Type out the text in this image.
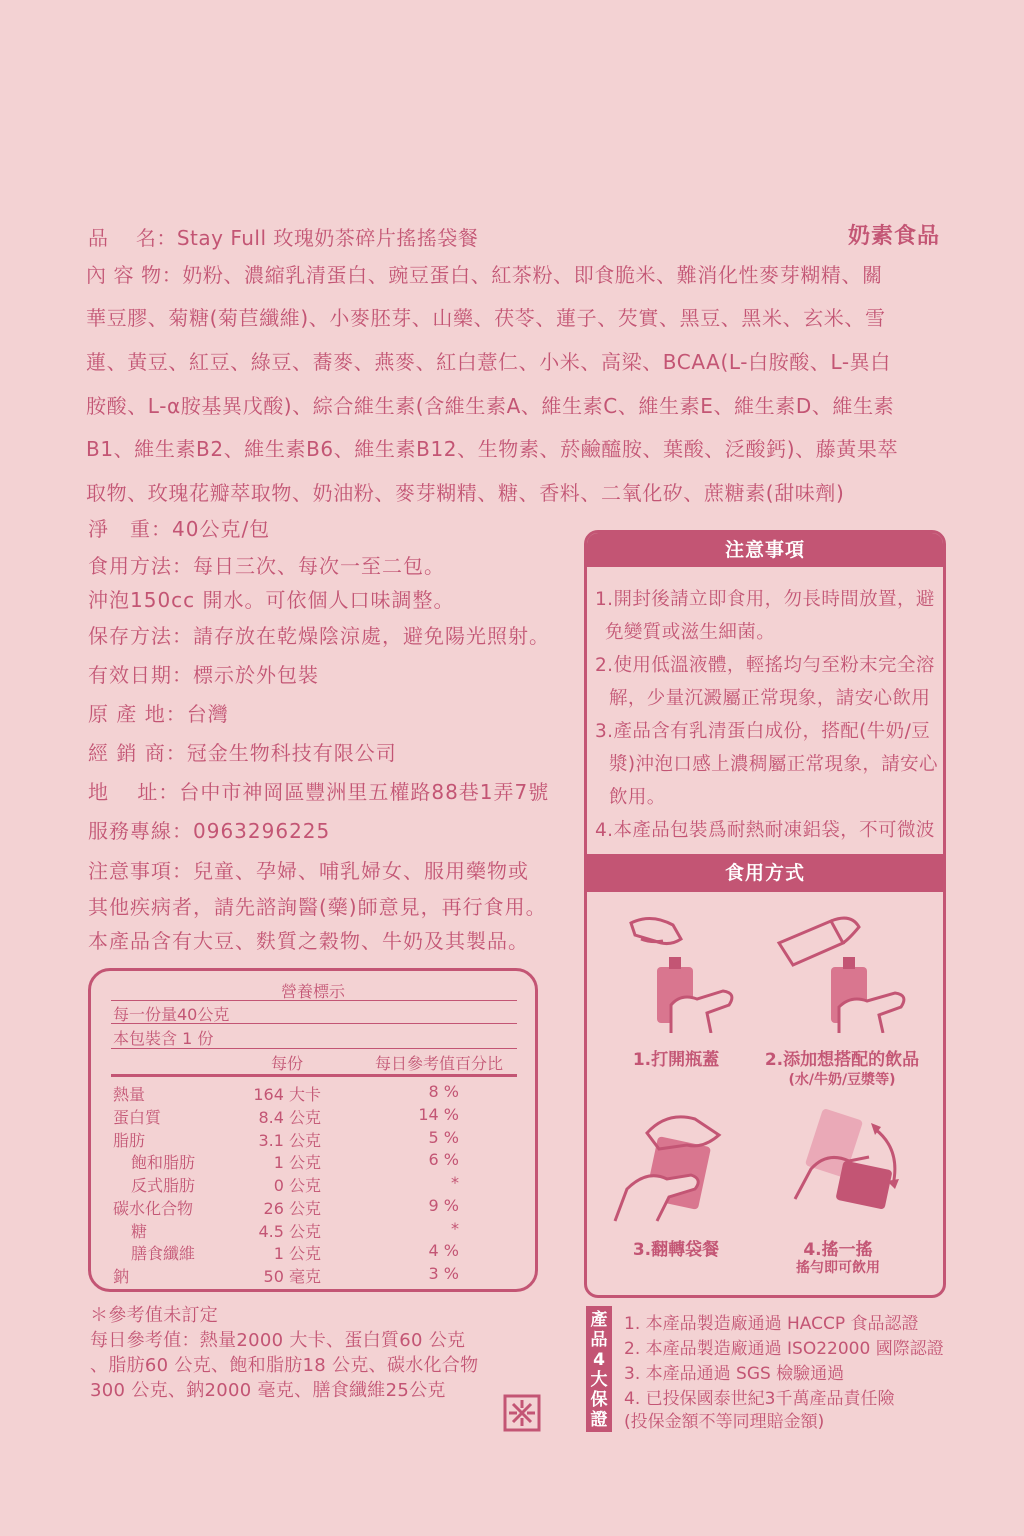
品　 名：Stay Full 玫瑰奶茶碎片搖搖袋餐	奶素食品
內 容 物：奶粉、濃縮乳清蛋白、豌豆蛋白、紅茶粉、即食脆米、難消化性麥芽糊精、關
華豆膠、菊糖(菊苣纖維)、小麥胚芽、山藥、茯苓、蓮子、芡實、黑豆、黑米、玄米、雪
蓮、黃豆、紅豆、綠豆、蕎麥、燕麥、紅白薏仁、小米、高梁、BCAA(L-白胺酸、L-異白
胺酸、L-α胺基異戊酸)、綜合維生素(含維生素A、維生素C、維生素E、維生素D、維生素
B1、維生素B2、維生素B6、維生素B12、生物素、菸鹼醯胺、葉酸、泛酸鈣)、藤黃果萃
取物、玫瑰花瓣萃取物、奶油粉、麥芽糊精、糖、香料、二氧化矽、蔗糖素(甜味劑)
淨　重：40公克/包
食用方法：每日三次、每次一至二包。
沖泡150cc 開水。可依個人口味調整。
保存方法：請存放在乾燥陰涼處，避免陽光照射。
有效日期：標示於外包裝
原 產 地：台灣
經 銷 商：冠金生物科技有限公司
地　 址：台中市神岡區豐洲里五權路88巷1弄7號
服務專線：0963296225
注意事項：兒童、孕婦、哺乳婦女、服用藥物或
其他疾病者，請先諮詢醫(藥)師意見，再行食用。
本產品含有大豆、麩質之穀物、牛奶及其製品。
營養標示
每一份量40公克
本包裝含 1 份
每份	每日參考值百分比
熱量	164 大卡	8 %
蛋白質	8.4 公克	14 %
脂肪	3.1 公克	5 %
飽和脂肪	1 公克	6 %
反式脂肪	0 公克	*
碳水化合物	26 公克	9 %
糖	4.5 公克	*
膳食纖維	1 公克	4 %
鈉	50 毫克	3 %
＊參考值未訂定
每日參考值：熱量2000 大卡、蛋白質60 公克
、脂肪60 公克、飽和脂肪18 公克、碳水化合物
300 公克、鈉2000 毫克、膳食纖維25公克
注意事項
1.開封後請立即食用，勿長時間放置，避
免變質或滋生細菌。
2.使用低溫液體，輕搖均勻至粉末完全溶
解，少量沉澱屬正常現象，請安心飲用
3.產品含有乳清蛋白成份，搭配(牛奶/豆
漿)沖泡口感上濃稠屬正常現象，請安心
飲用。
4.本產品包裝爲耐熱耐凍鋁袋，不可微波
食用方式
1.打開瓶蓋	2.添加想搭配的飲品
(水/牛奶/豆漿等)
3.翻轉袋餐	4.搖一搖
搖勻即可飲用
產
品
4
大
保
證
1. 本產品製造廠通過 HACCP 食品認證
2. 本產品製造廠通過 ISO22000 國際認證
3. 本產品通過 SGS 檢驗通過
4. 已投保國泰世紀3千萬產品責任險
(投保金額不等同理賠金額)
